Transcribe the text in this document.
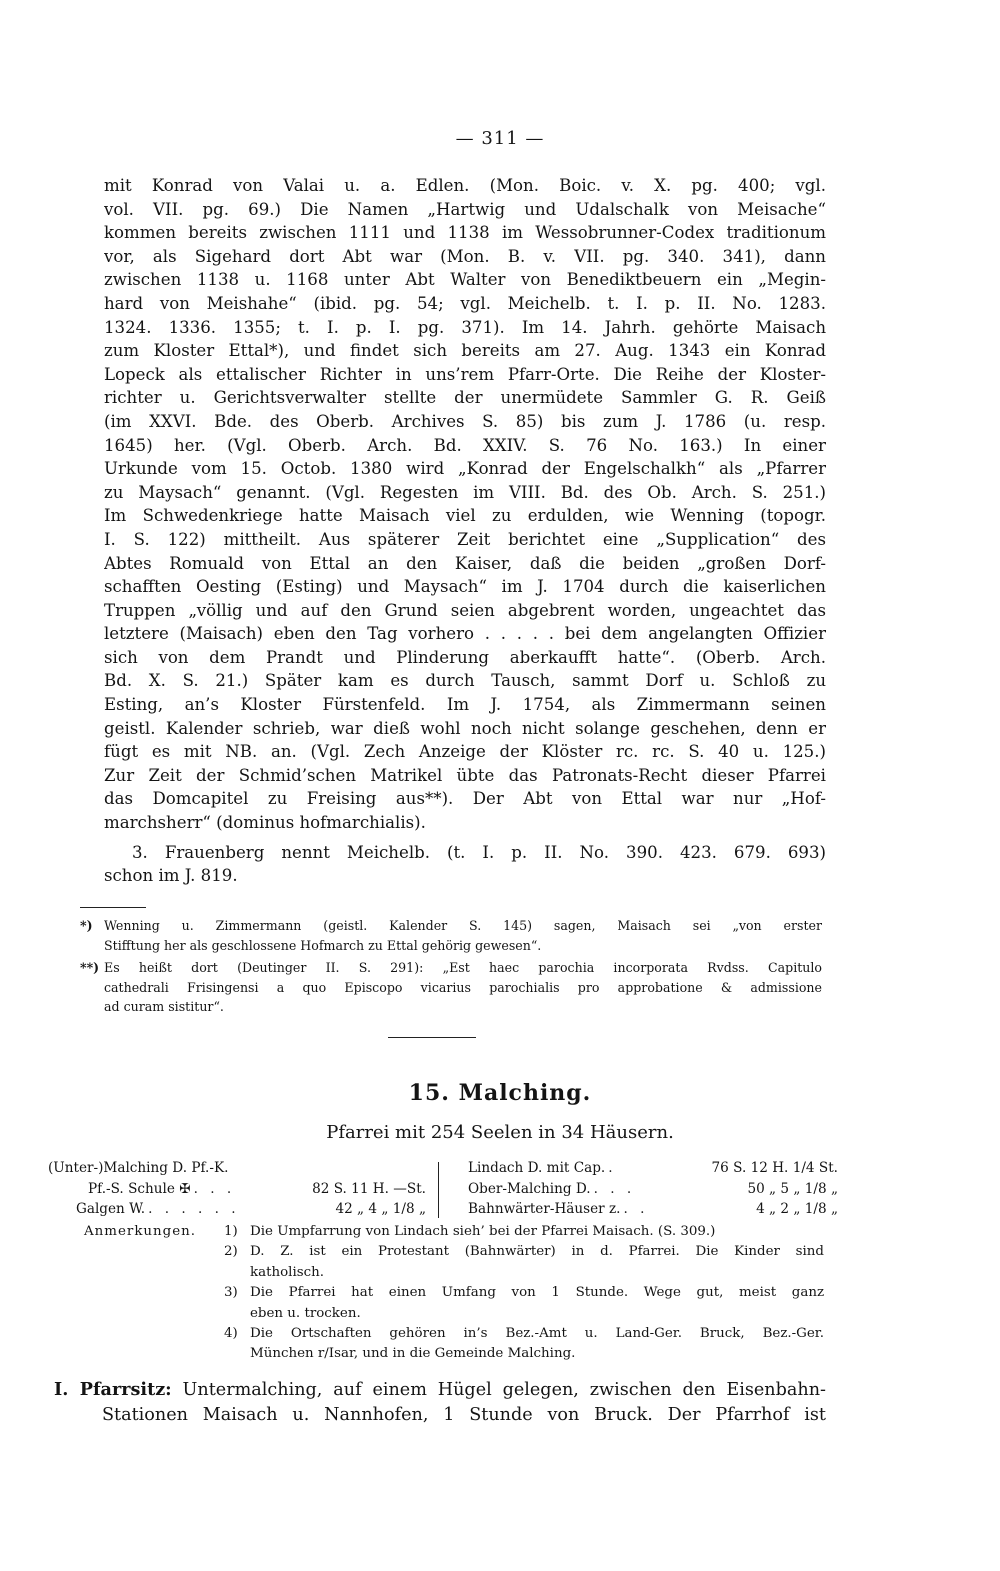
— 311 —
mit Konrad von Valai u. a. Edlen. (Mon. Boic. v. X. pg. 400; vgl.
vol. VII. pg. 69.) Die Namen „Hartwig und Udalschalk von Meisache“
kommen bereits zwischen 1111 und 1138 im Wessobrunner-Codex traditionum
vor, als Sigehard dort Abt war (Mon. B. v. VII. pg. 340. 341), dann
zwischen 1138 u. 1168 unter Abt Walter von Benediktbeuern ein „Megin-
hard von Meishahe“ (ibid. pg. 54; vgl. Meichelb. t. I. p. II. No. 1283.
1324. 1336. 1355; t. I. p. I. pg. 371). Im 14. Jahrh. gehörte Maisach
zum Kloster Ettal*), und findet sich bereits am 27. Aug. 1343 ein Konrad
Lopeck als ettalischer Richter in uns’rem Pfarr-Orte. Die Reihe der Kloster-
richter u. Gerichtsverwalter stellte der unermüdete Sammler G. R. Geiß
(im XXVI. Bde. des Oberb. Archives S. 85) bis zum J. 1786 (u. resp.
1645) her. (Vgl. Oberb. Arch. Bd. XXIV. S. 76 No. 163.) In einer
Urkunde vom 15. Octob. 1380 wird „Konrad der Engelschalkh“ als „Pfarrer
zu Maysach“ genannt. (Vgl. Regesten im VIII. Bd. des Ob. Arch. S. 251.)
Im Schwedenkriege hatte Maisach viel zu erdulden, wie Wenning (topogr.
I. S. 122) mittheilt. Aus späterer Zeit berichtet eine „Supplication“ des
Abtes Romuald von Ettal an den Kaiser, daß die beiden „großen Dorf-
schafften Oesting (Esting) und Maysach“ im J. 1704 durch die kaiserlichen
Truppen „völlig und auf den Grund seien abgebrent worden, ungeachtet das
letztere (Maisach) eben den Tag vorhero . . . . . bei dem angelangten Offizier
sich von dem Prandt und Plinderung aberkaufft hatte“. (Oberb. Arch.
Bd. X. S. 21.) Später kam es durch Tausch, sammt Dorf u. Schloß zu
Esting, an’s Kloster Fürstenfeld. Im J. 1754, als Zimmermann seinen
geistl. Kalender schrieb, war dieß wohl noch nicht solange geschehen, denn er
fügt es mit NB. an. (Vgl. Zech Anzeige der Klöster rc. rc. S. 40 u. 125.)
Zur Zeit der Schmid’schen Matrikel übte das Patronats-Recht dieser Pfarrei
das Domcapitel zu Freising aus**). Der Abt von Ettal war nur „Hof-
marchsherr“ (dominus hofmarchialis).
3. Frauenberg nennt Meichelb. (t. I. p. II. No. 390. 423. 679. 693)
schon im J. 819.
*) Wenning u. Zimmermann (geistl. Kalender S. 145) sagen, Maisach sei „von erster
Stifftung her als geschlossene Hofmarch zu Ettal gehörig gewesen“.
**) Es heißt dort (Deutinger II. S. 291): „Est haec parochia incorporata Rvdss. Capitulo
cathedrali Frisingensi a quo Episcopo vicarius parochialis pro approbatione & admissione
ad curam sistitur“.
15. Malching.
Pfarrei mit 254 Seelen in 34 Häusern.
(Unter-)Malching D. Pf.-K.
Pf.-S. Schule ✠ . . .	82 S. 11 H. —St.
Galgen W. . . . . . .	42 „ 4 „ 1/8 „
Lindach D. mit Cap. .	76 S. 12 H. 1/4 St.
Ober-Malching D. . . .	50 „ 5 „ 1/8 „
Bahnwärter-Häuser z. . .	4 „ 2 „ 1/8 „
Anmerkungen. 1) Die Umpfarrung von Lindach sieh’ bei der Pfarrei Maisach. (S. 309.)
2) D. Z. ist ein Protestant (Bahnwärter) in d. Pfarrei. Die Kinder sind
katholisch.
3) Die Pfarrei hat einen Umfang von 1 Stunde. Wege gut, meist ganz
eben u. trocken.
4) Die Ortschaften gehören in’s Bez.-Amt u. Land-Ger. Bruck, Bez.-Ger.
München r/Isar, und in die Gemeinde Malching.
I. Pfarrsitz: Untermalching, auf einem Hügel gelegen, zwischen den Eisenbahn-
Stationen Maisach u. Nannhofen, 1 Stunde von Bruck. Der Pfarrhof ist
